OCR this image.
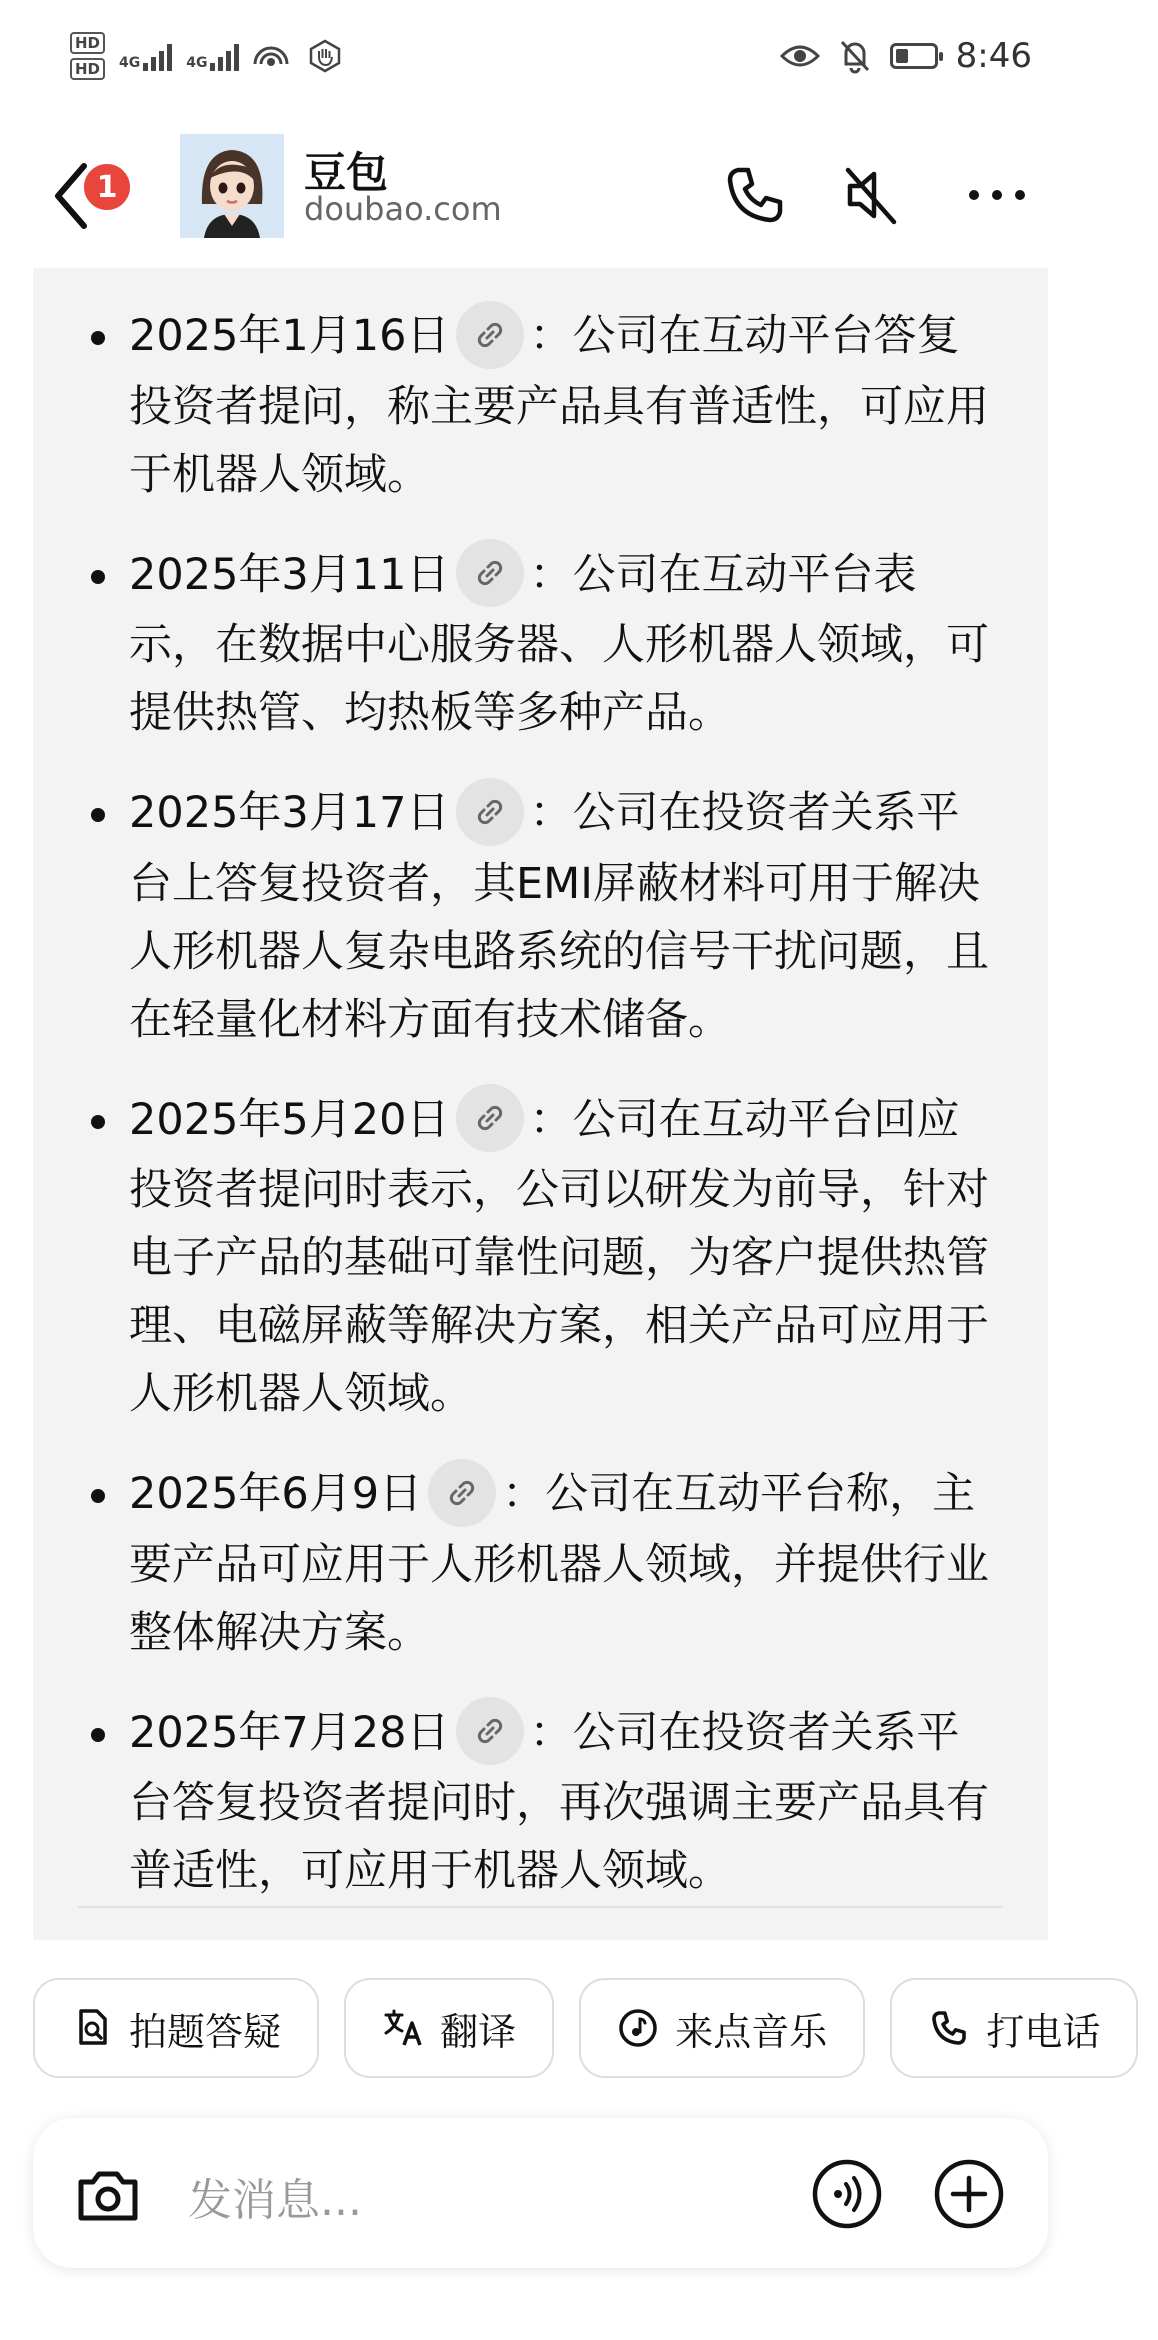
HD
HD	4G	4G	8:46
1	豆包
doubao.com
2025年1月16日 ：公司在互动平台答复投资者提问，称主要产品具有普适性，可应用于机器人领域。
2025年3月11日 ：公司在互动平台表示，在数据中心服务器、人形机器人领域，可提供热管、均热板等多种产品。
2025年3月17日 ：公司在投资者关系平台上答复投资者，其EMI屏蔽材料可用于解决人形机器人复杂电路系统的信号干扰问题，且在轻量化材料方面有技术储备。
2025年5月20日 ：公司在互动平台回应投资者提问时表示，公司以研发为前导，针对电子产品的基础可靠性问题，为客户提供热管理、电磁屏蔽等解决方案，相关产品可应用于人形机器人领域。
2025年6月9日 ：公司在互动平台称，主要产品可应用于人形机器人领域，并提供行业整体解决方案。
2025年7月28日 ：公司在投资者关系平台答复投资者提问时，再次强调主要产品具有普适性，可应用于机器人领域。
拍题答疑
	翻译
	来点音乐
	打电话
发消息...
